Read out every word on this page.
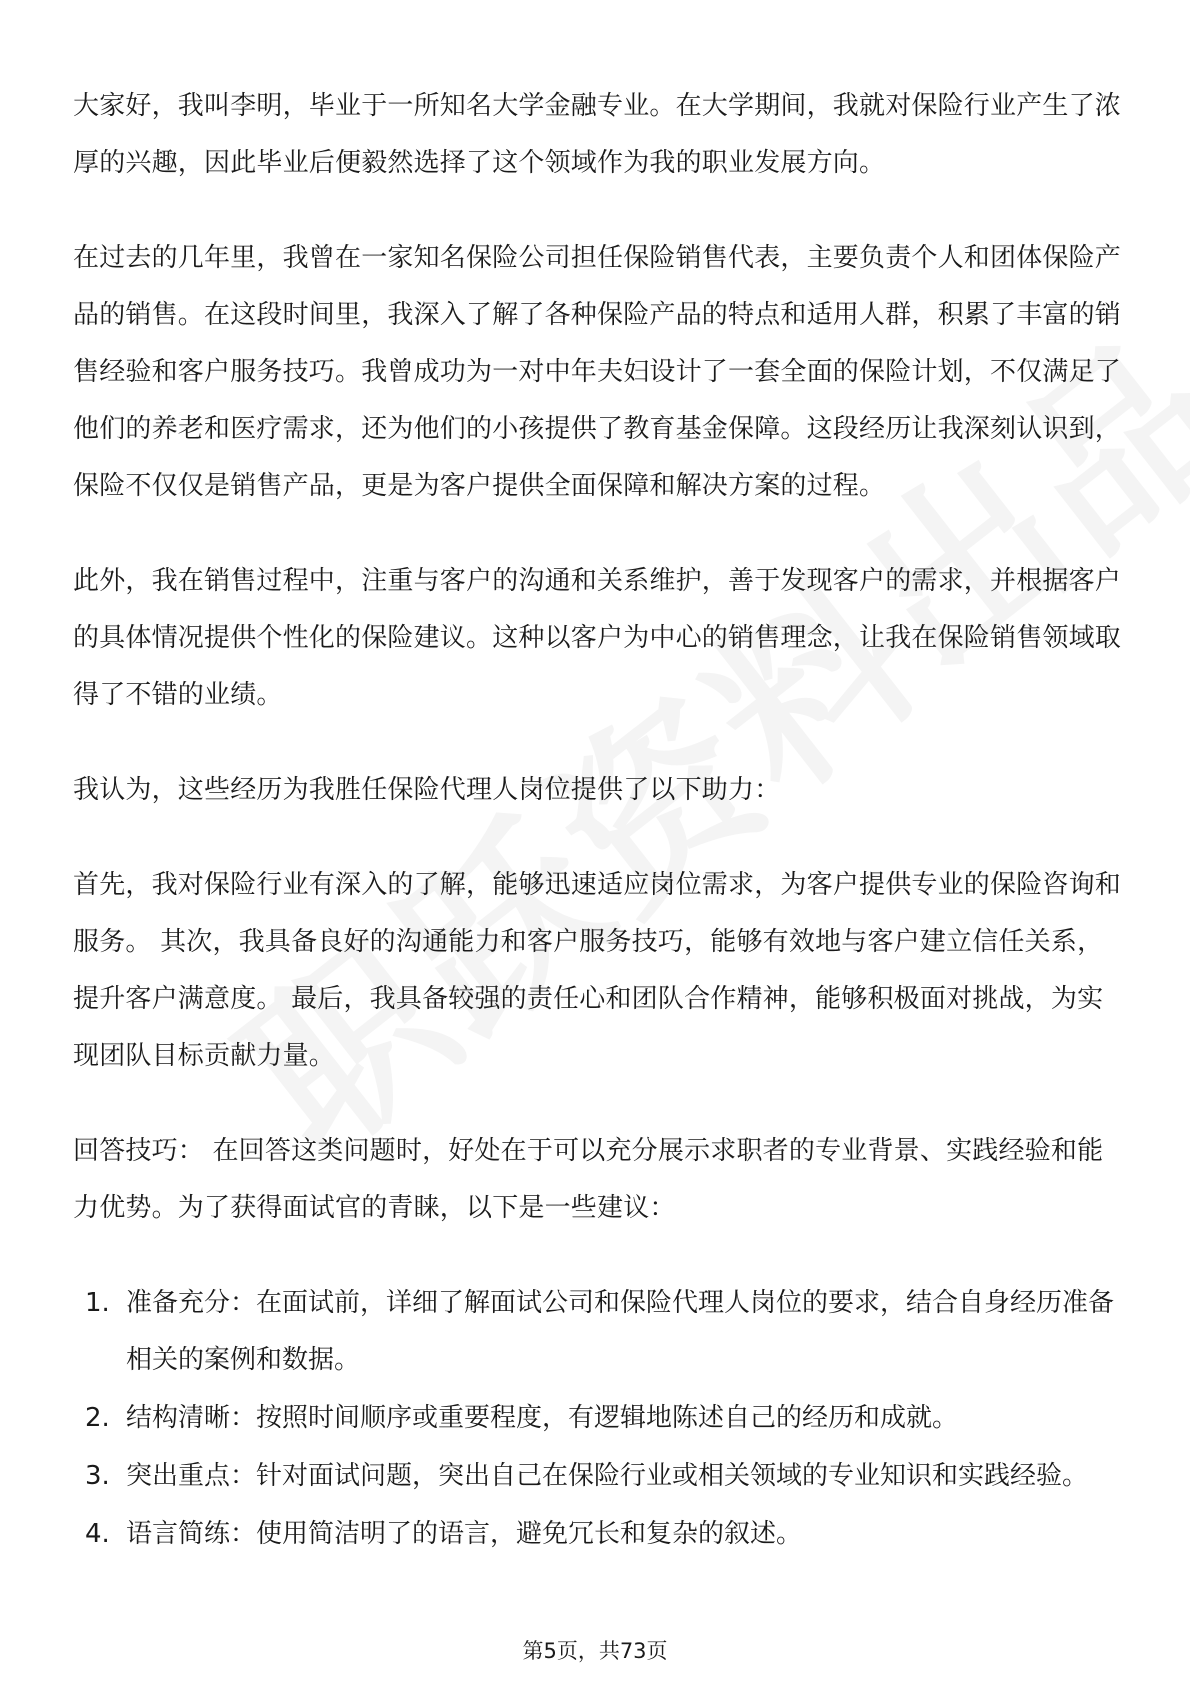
大家好，我叫李明，毕业于一所知名大学金融专业。在大学期间，我就对保险行业产生了浓厚的兴趣，因此毕业后便毅然选择了这个领域作为我的职业发展方向。

在过去的几年里，我曾在一家知名保险公司担任保险销售代表，主要负责个人和团体保险产品的销售。在这段时间里，我深入了解了各种保险产品的特点和适用人群，积累了丰富的销售经验和客户服务技巧。我曾成功为一对中年夫妇设计了一套全面的保险计划，不仅满足了他们的养老和医疗需求，还为他们的小孩提供了教育基金保障。这段经历让我深刻认识到，保险不仅仅是销售产品，更是为客户提供全面保障和解决方案的过程。

此外，我在销售过程中，注重与客户的沟通和关系维护，善于发现客户的需求，并根据客户的具体情况提供个性化的保险建议。这种以客户为中心的销售理念，让我在保险销售领域取得了不错的业绩。

我认为，这些经历为我胜任保险代理人岗位提供了以下助力：

首先，我对保险行业有深入的了解，能够迅速适应岗位需求，为客户提供专业的保险咨询和服务。 其次，我具备良好的沟通能力和客户服务技巧，能够有效地与客户建立信任关系，提升客户满意度。 最后，我具备较强的责任心和团队合作精神，能够积极面对挑战，为实现团队目标贡献力量。

回答技巧： 在回答这类问题时，好处在于可以充分展示求职者的专业背景、实践经验和能力优势。为了获得面试官的青睐，以下是一些建议：

1. 准备充分：在面试前，详细了解面试公司和保险代理人岗位的要求，结合自身经历准备相关的案例和数据。
2. 结构清晰：按照时间顺序或重要程度，有逻辑地陈述自己的经历和成就。
3. 突出重点：针对面试问题，突出自己在保险行业或相关领域的专业知识和实践经验。
4. 语言简练：使用简洁明了的语言，避免冗长和复杂的叙述。
第5页，共73页
